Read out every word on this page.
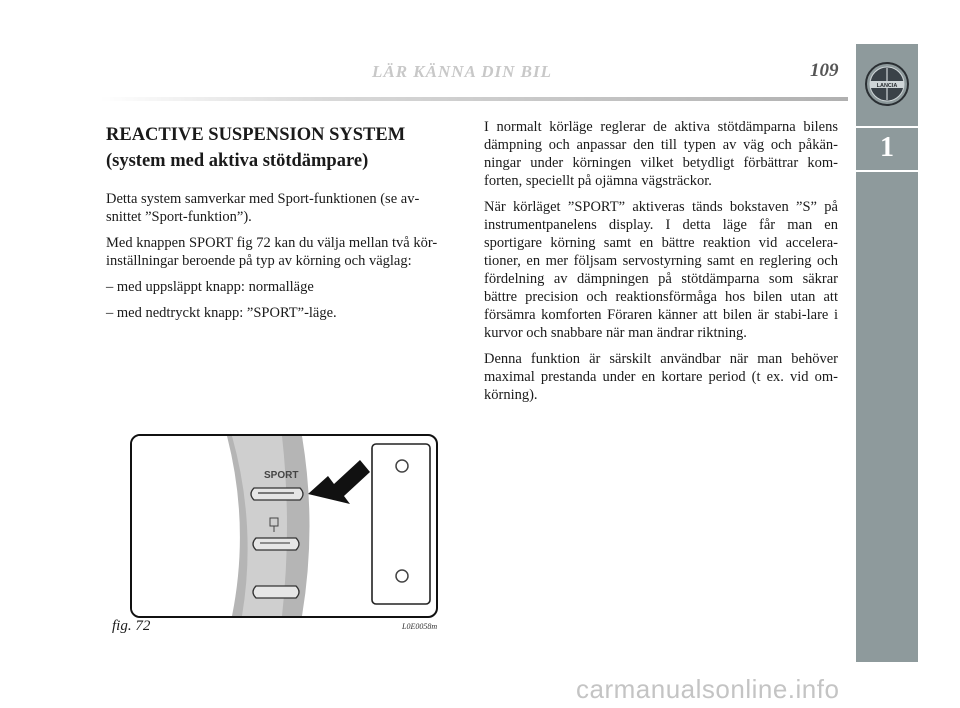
LÄR KÄNNA DIN BIL	109
LANCIA
1
REACTIVE SUSPENSION SYSTEM
(system med aktiva stötdämpare)

Detta system samverkar med Sport-funktionen (se av-snittet ”Sport-funktion”).

Med knappen SPORT fig 72 kan du välja mellan två kör-inställningar beroende på typ av körning och väglag:

– med uppsläppt knapp: normalläge

– med nedtryckt knapp: ”SPORT”-läge.

I normalt körläge reglerar de aktiva stötdämparna bilens dämpning och anpassar den till typen av väg och påkän-ningar under körningen vilket betydligt förbättrar kom-forten, speciellt på ojämna vägsträckor.

När körläget ”SPORT” aktiveras tänds bokstaven ”S” på instrumentpanelens display. I detta läge får man en sportigare körning samt en bättre reaktion vid accelera-tioner, en mer följsam servostyrning samt en reglering och fördelning av dämpningen på stötdämparna som säkrar bättre precision och reaktionsförmåga hos bilen utan att försämra komforten Föraren känner att bilen är stabi-lare i kurvor och snabbare när man ändrar riktning.

Denna funktion är särskilt användbar när man behöver maximal prestanda under en kortare period (t ex. vid om-körning).

SPORT
fig. 72	L0E0058m
carmanualsonline.info
